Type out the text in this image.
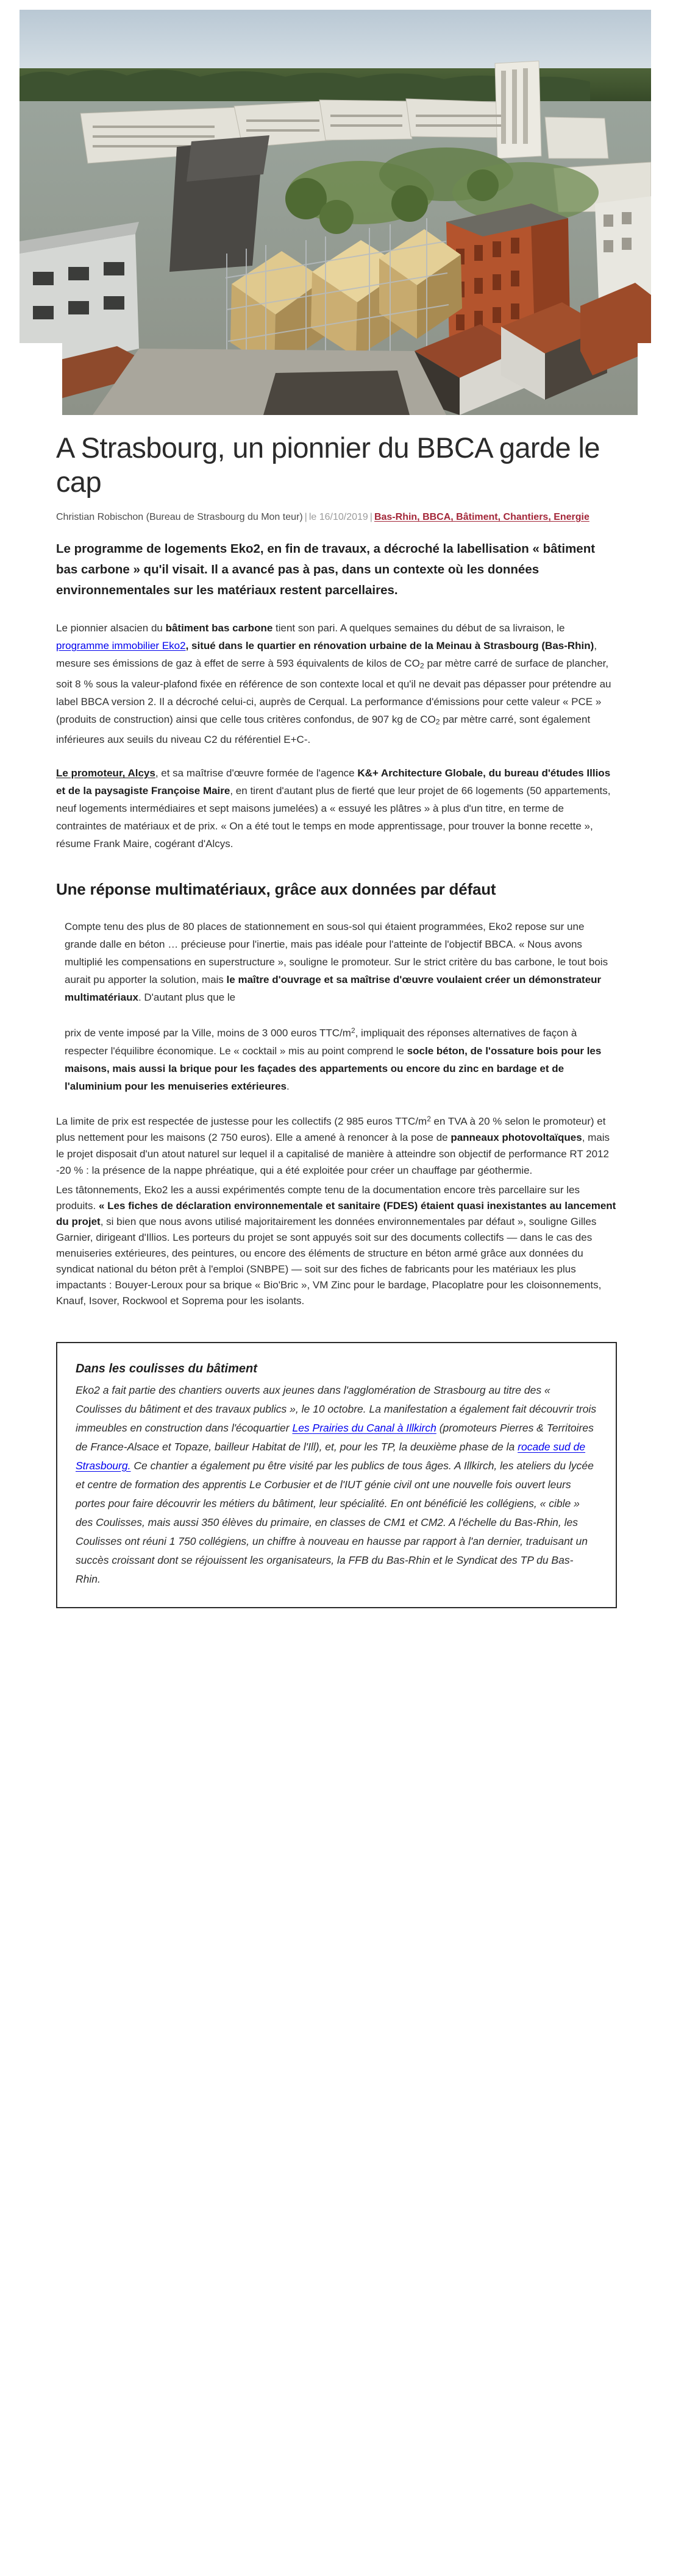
A Strasbourg, un pionnier du BBCA garde le cap
Christian Robischon (Bureau de Strasbourg du Mon teur) | le 16/10/2019 | Bas-Rhin, BBCA, Bâtiment, Chantiers, Energie

Le programme de logements Eko2, en fin de travaux, a décroché la labellisation « bâtiment bas carbone » qu'il visait. Il a avancé pas à pas, dans un contexte où les données environnementales sur les matériaux restent parcellaires.

Le pionnier alsacien du bâtiment bas carbone tient son pari. A quelques semaines du début de sa livraison, le programme immobilier Eko2, situé dans le quartier en rénovation urbaine de la Meinau à Strasbourg (Bas-Rhin), mesure ses émissions de gaz à effet de serre à 593 équivalents de kilos de $CO_2$ par mètre carré de surface de plancher, soit 8 % sous la valeur-plafond fixée en référence de son contexte local et qu'il ne devait pas dépasser pour prétendre au label BBCA version 2. Il a décroché celui-ci, auprès de Cerqual. La performance d'émissions pour cette valeur « PCE » (produits de construction) ainsi que celle tous critères confondus, de 907 kg de $CO_2$ par mètre carré, sont également inférieures aux seuils du niveau C2 du référentiel E+C-.

Le promoteur, Alcys, et sa maîtrise d'œuvre formée de l'agence K&+ Architecture Globale, du bureau d'études Illios et de la paysagiste Françoise Maire, en tirent d'autant plus de fierté que leur projet de 66 logements (50 appartements, neuf logements intermédiaires et sept maisons jumelées) a « essuyé les plâtres » à plus d'un titre, en terme de contraintes de matériaux et de prix. « On a été tout le temps en mode apprentissage, pour trouver la bonne recette », résume Frank Maire, cogérant d'Alcys.

Une réponse multimatériaux, grâce aux données par défaut

Compte tenu des plus de 80 places de stationnement en sous-sol qui étaient programmées, Eko2 repose sur une grande dalle en béton … précieuse pour l'inertie, mais pas idéale pour l'atteinte de l'objectif BBCA. « Nous avons multiplié les compensations en superstructure », souligne le promoteur. Sur le strict critère du bas carbone, le tout bois aurait pu apporter la solution, mais le maître d'ouvrage et sa maîtrise d'œuvre voulaient créer un démonstrateur multimatériaux. D'autant plus que le

prix de vente imposé par la Ville, moins de 3 000 euros TTC/$m^2$, impliquait des réponses alternatives de façon à respecter l'équilibre économique. Le « cocktail » mis au point comprend le socle béton, de l'ossature bois pour les maisons, mais aussi la brique pour les façades des appartements ou encore du zinc en bardage et de l'aluminium pour les menuiseries extérieures.

La limite de prix est respectée de justesse pour les collectifs (2 985 euros TTC/$m^2$ en TVA à 20 % selon le promoteur) et plus nettement pour les maisons (2 750 euros). Elle a amené à renoncer à la pose de panneaux photovoltaïques, mais le projet disposait d'un atout naturel sur lequel il a capitalisé de manière à atteindre son objectif de performance RT 2012 -20 % : la présence de la nappe phréatique, qui a été exploitée pour créer un chauffage par géothermie.

Les tâtonnements, Eko2 les a aussi expérimentés compte tenu de la documentation encore très parcellaire sur les produits. « Les fiches de déclaration environnementale et sanitaire (FDES) étaient quasi inexistantes au lancement du projet, si bien que nous avons utilisé majoritairement les données environnementales par défaut », souligne Gilles Garnier, dirigeant d'Illios. Les porteurs du projet se sont appuyés soit sur des documents collectifs — dans le cas des menuiseries extérieures, des peintures, ou encore des éléments de structure en béton armé grâce aux données du syndicat national du béton prêt à l'emploi (SNBPE) — soit sur des fiches de fabricants pour les matériaux les plus impactants : Bouyer-Leroux pour sa brique « Bio'Bric », VM Zinc pour le bardage, Placoplatre pour les cloisonnements, Knauf, Isover, Rockwool et Soprema pour les isolants.

Dans les coulisses du bâtiment

Eko2 a fait partie des chantiers ouverts aux jeunes dans l'agglomération de Strasbourg au titre des « Coulisses du bâtiment et des travaux publics », le 10 octobre. La manifestation a également fait découvrir trois immeubles en construction dans l'écoquartier Les Prairies du Canal à Illkirch (promoteurs Pierres & Territoires de France-Alsace et Topaze, bailleur Habitat de l'Ill), et, pour les TP, la deuxième phase de la rocade sud de Strasbourg. Ce chantier a également pu être visité par les publics de tous âges. A Illkirch, les ateliers du lycée et centre de formation des apprentis Le Corbusier et de l'IUT génie civil ont une nouvelle fois ouvert leurs portes pour faire découvrir les métiers du bâtiment, leur spécialité. En ont bénéficié les collégiens, « cible » des Coulisses, mais aussi 350 élèves du primaire, en classes de CM1 et CM2. A l'échelle du Bas-Rhin, les Coulisses ont réuni 1 750 collégiens, un chiffre à nouveau en hausse par rapport à l'an dernier, traduisant un succès croissant dont se réjouissent les organisateurs, la FFB du Bas-Rhin et le Syndicat des TP du Bas-Rhin.
